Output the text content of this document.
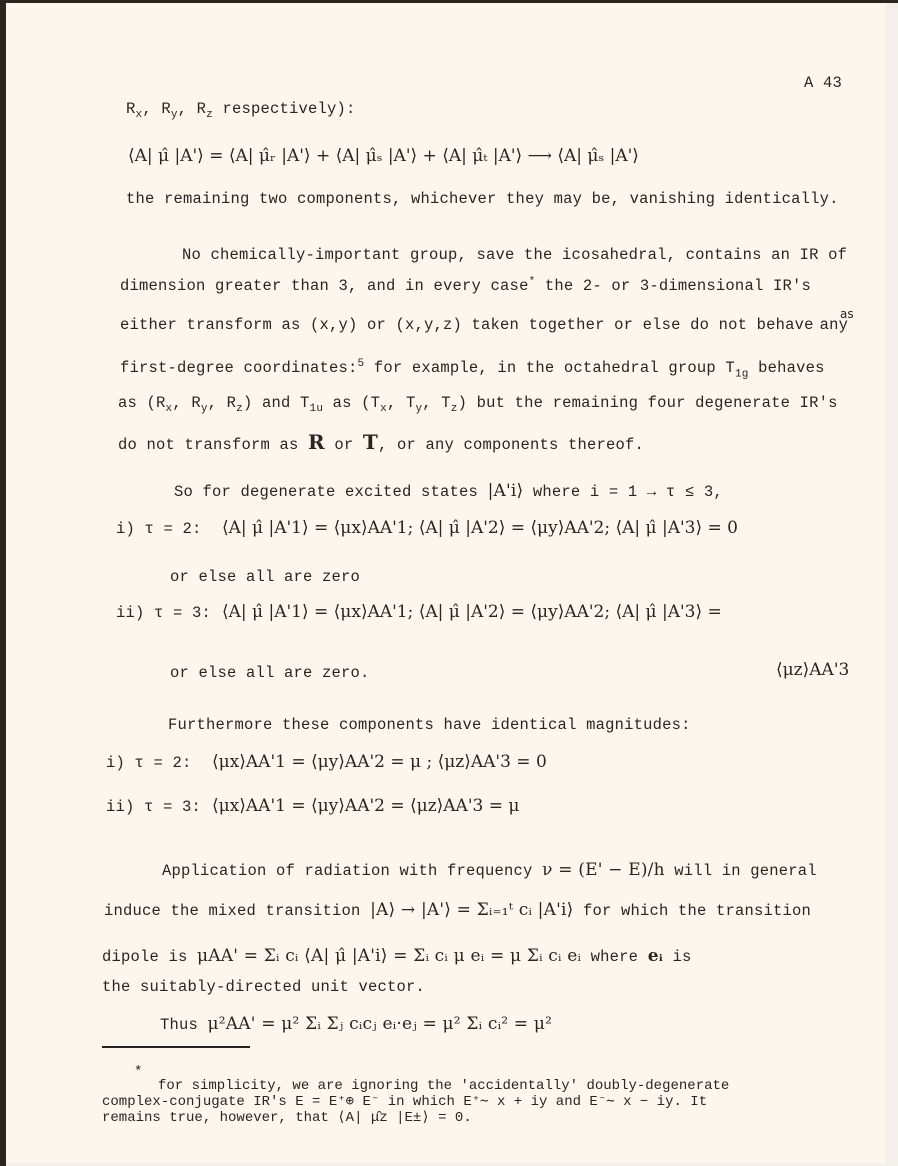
A 43
$R_x$, $R_y$, $R_z$ respectively):
⟨A| μ̂ |A'⟩ = ⟨A| μ̂ᵣ |A'⟩ + ⟨A| μ̂ₛ |A'⟩ + ⟨A| μ̂ₜ |A'⟩ ⟶ ⟨A| μ̂ₛ |A'⟩
the remaining two components, whichever they may be, vanishing identically.
No chemically-important group, save the icosahedral, contains an IR of
dimension greater than 3, and in every case* the 2- or 3-dimensional IR's
as
either transform as (x,y) or (x,y,z) taken together or else do not behave any
first-degree coordinates:$^5$ for example, in the octahedral group $T_{1g}$ behaves
as ($R_x$, $R_y$, $R_z$) and $T_{1u}$ as ($T_x$, $T_y$, $T_z$) but the remaining four degenerate IR's
do not transform as R or T, or any components thereof.
So for degenerate excited states |A'i⟩ where i = 1 → τ ≤ 3,
i) τ = 2: ⟨A| μ̂ |A'1⟩ = ⟨μx⟩AA'1; ⟨A| μ̂ |A'2⟩ = ⟨μy⟩AA'2; ⟨A| μ̂ |A'3⟩ = 0
or else all are zero
ii) τ = 3: ⟨A| μ̂ |A'1⟩ = ⟨μx⟩AA'1; ⟨A| μ̂ |A'2⟩ = ⟨μy⟩AA'2; ⟨A| μ̂ |A'3⟩ =
or else all are zero.	⟨μz⟩AA'3
Furthermore these components have identical magnitudes:
i) τ = 2: ⟨μx⟩AA'1 = ⟨μy⟩AA'2 = μ ; ⟨μz⟩AA'3 = 0
ii) τ = 3: ⟨μx⟩AA'1 = ⟨μy⟩AA'2 = ⟨μz⟩AA'3 = μ
Application of radiation with frequency ν = (E' − E)/h will in general
induce the mixed transition |A⟩ → |A'⟩ = Σᵢ₌₁ᵗ cᵢ |A'i⟩ for which the transition
dipole is μAA' = Σᵢ cᵢ ⟨A| μ̂ |A'i⟩ = Σᵢ cᵢ μ eᵢ = μ Σᵢ cᵢ eᵢ where eᵢ is
the suitably-directed unit vector.
Thus μ²AA' = μ² Σᵢ Σⱼ cᵢcⱼ eᵢ·eⱼ = μ² Σᵢ cᵢ² = μ²
*
for simplicity, we are ignoring the 'accidentally' doubly-degenerate
complex-conjugate IR's E = E⁺⊕ E⁻ in which E⁺∼ x + iy and E⁻∼ x − iy. It
remains true, however, that ⟨A| μ̂z |E±⟩ = 0.
